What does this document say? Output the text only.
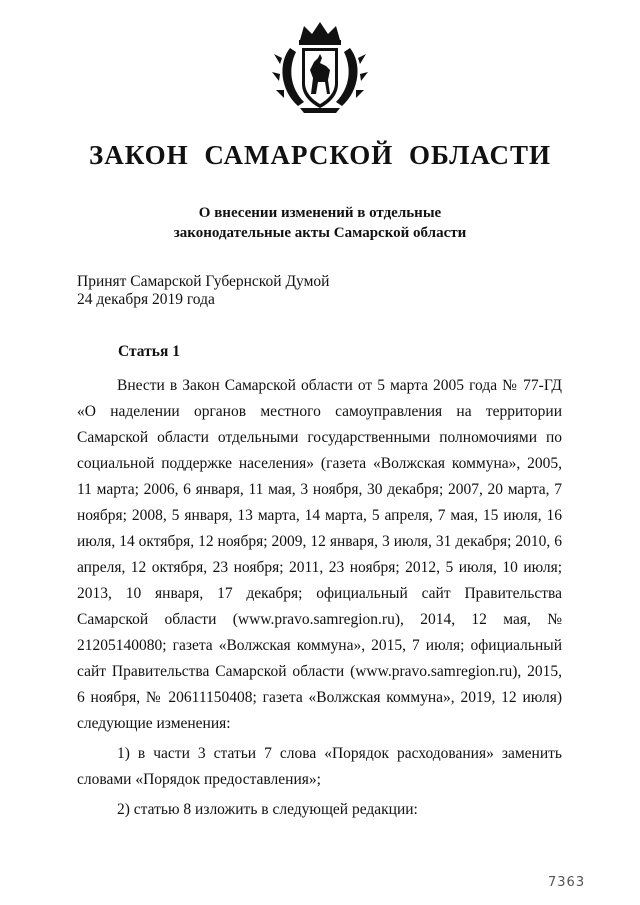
ЗАКОН САМАРСКОЙ ОБЛАСТИ
О внесении изменений в отдельные
законодательные акты Самарской области
Принят Самарской Губернской Думой
24 декабря 2019 года
Статья 1

Внести в Закон Самарской области от 5 марта 2005 года № 77-ГД «О наделении органов местного самоуправления на территории Самарской области отдельными государственными полномочиями по социальной поддержке населения» (газета «Волжская коммуна», 2005, 11 марта; 2006, 6 января, 11 мая, 3 ноября, 30 декабря; 2007, 20 марта, 7 ноября; 2008, 5 января, 13 марта, 14 марта, 5 апреля, 7 мая, 15 июля, 16 июля, 14 октября, 12 ноября; 2009, 12 января, 3 июля, 31 декабря; 2010, 6 апреля, 12 октября, 23 ноября; 2011, 23 ноября; 2012, 5 июля, 10 июля; 2013, 10 января, 17 декабря; официальный сайт Правительства Самарской области (www.pravo.samregion.ru), 2014, 12 мая, № 21205140080; газета «Волжская коммуна», 2015, 7 июля; официальный сайт Правительства Самарской области (www.pravo.samregion.ru), 2015, 6 ноября, № 20611150408; газета «Волжская коммуна», 2019, 12 июля) следующие изменения:

1) в части 3 статьи 7 слова «Порядок расходования» заменить словами «Порядок предоставления»;

2) статью 8 изложить в следующей редакции:

7363
